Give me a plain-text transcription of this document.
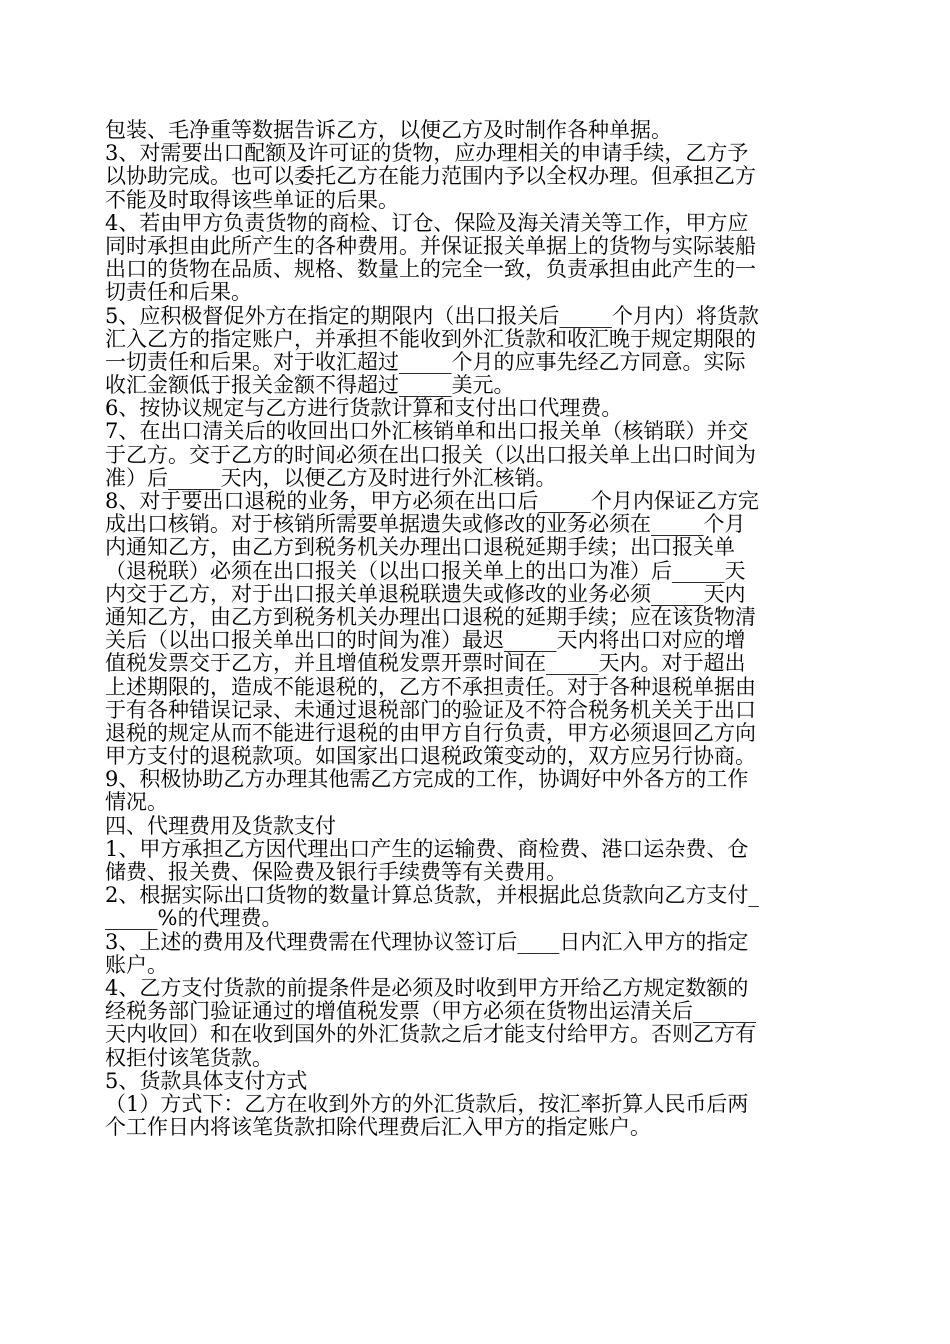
包装、毛净重等数据告诉乙方，以便乙方及时制作各种单据。
3、对需要出口配额及许可证的货物，应办理相关的申请手续，乙方予
以协助完成。也可以委托乙方在能力范围内予以全权办理。但承担乙方
不能及时取得该些单证的后果。
4、若由甲方负责货物的商检、订仓、保险及海关清关等工作，甲方应
同时承担由此所产生的各种费用。并保证报关单据上的货物与实际装船
出口的货物在品质、规格、数量上的完全一致，负责承担由此产生的一
切责任和后果。
5、应积极督促外方在指定的期限内（出口报关后_____个月内）将货款
汇入乙方的指定账户，并承担不能收到外汇货款和收汇晚于规定期限的
一切责任和后果。对于收汇超过_____个月的应事先经乙方同意。实际
收汇金额低于报关金额不得超过_____美元。
6、按协议规定与乙方进行货款计算和支付出口代理费。
7、在出口清关后的收回出口外汇核销单和出口报关单（核销联）并交
于乙方。交于乙方的时间必须在出口报关（以出口报关单上出口时间为
准）后_____天内，以便乙方及时进行外汇核销。
8、对于要出口退税的业务，甲方必须在出口后_____个月内保证乙方完
成出口核销。对于核销所需要单据遗失或修改的业务必须在_____个月
内通知乙方，由乙方到税务机关办理出口退税延期手续；出口报关单
（退税联）必须在出口报关（以出口报关单上的出口为准）后_____天
内交于乙方，对于出口报关单退税联遗失或修改的业务必须_____天内
通知乙方，由乙方到税务机关办理出口退税的延期手续；应在该货物清
关后（以出口报关单出口的时间为准）最迟_____天内将出口对应的增
值税发票交于乙方，并且增值税发票开票时间在_____天内。对于超出
上述期限的，造成不能退税的，乙方不承担责任。对于各种退税单据由
于有各种错误记录、未通过退税部门的验证及不符合税务机关关于出口
退税的规定从而不能进行退税的由甲方自行负责，甲方必须退回乙方向
甲方支付的退税款项。如国家出口退税政策变动的，双方应另行协商。
9、积极协助乙方办理其他需乙方完成的工作，协调好中外各方的工作
情况。
四、代理费用及货款支付
1、甲方承担乙方因代理出口产生的运输费、商检费、港口运杂费、仓
储费、报关费、保险费及银行手续费等有关费用。
2、根据实际出口货物的数量计算总货款，并根据此总货款向乙方支付_
_____%的代理费。
3、上述的费用及代理费需在代理协议签订后____日内汇入甲方的指定
账户。
4、乙方支付货款的前提条件是必须及时收到甲方开给乙方规定数额的
经税务部门验证通过的增值税发票（甲方必须在货物出运清关后______
天内收回）和在收到国外的外汇货款之后才能支付给甲方。否则乙方有
权拒付该笔货款。
5、货款具体支付方式
（1）方式下：乙方在收到外方的外汇货款后，按汇率折算人民币后两
个工作日内将该笔货款扣除代理费后汇入甲方的指定账户。
